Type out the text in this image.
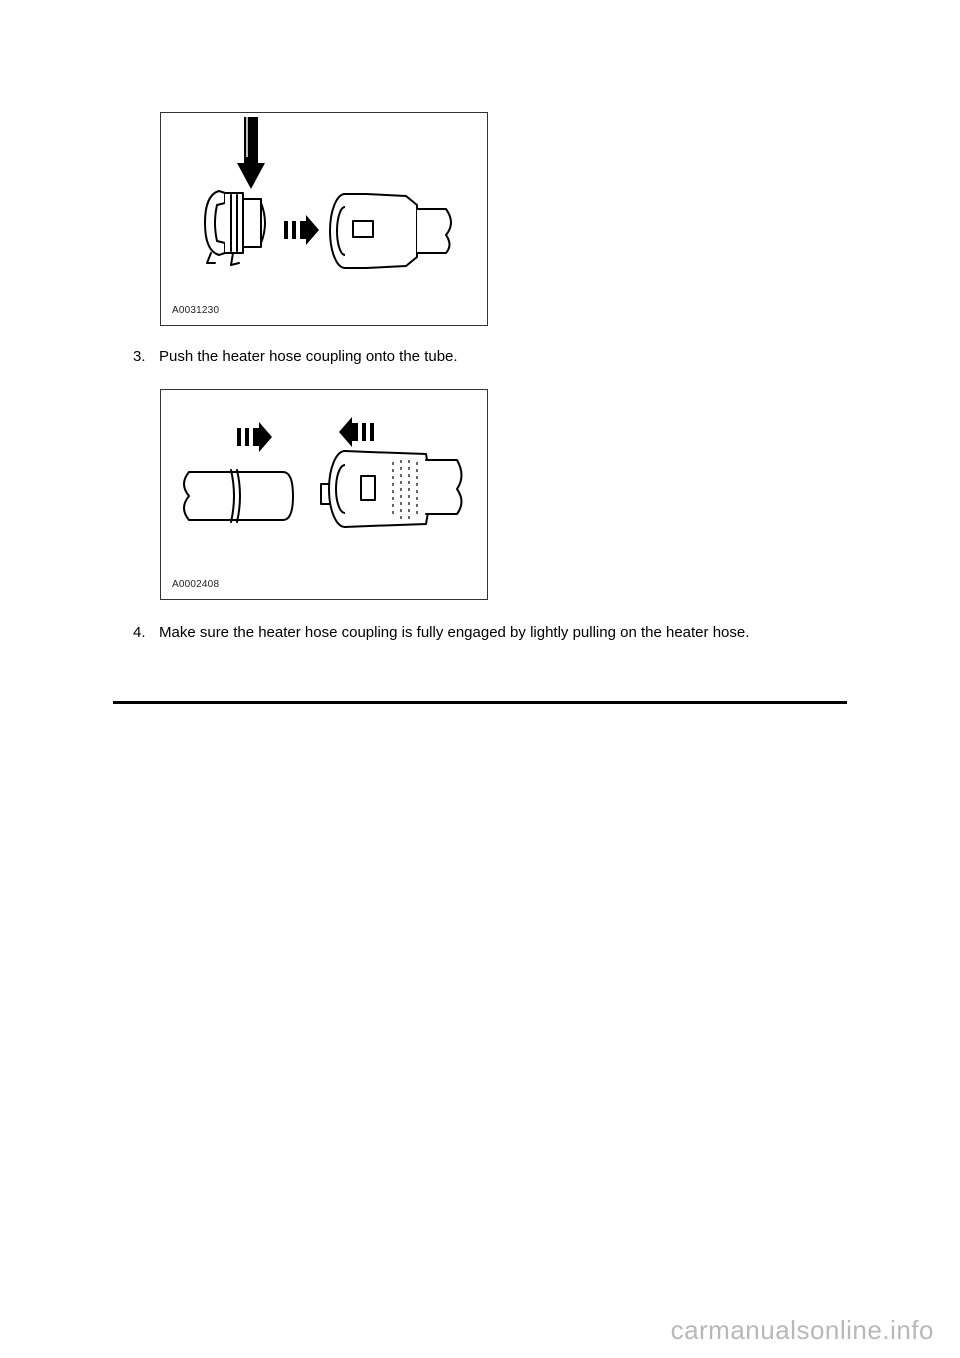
A0031230
3. Push the heater hose coupling onto the tube.
A0002408
4. Make sure the heater hose coupling is fully engaged by lightly pulling on the heater hose.
carmanualsonline.info
